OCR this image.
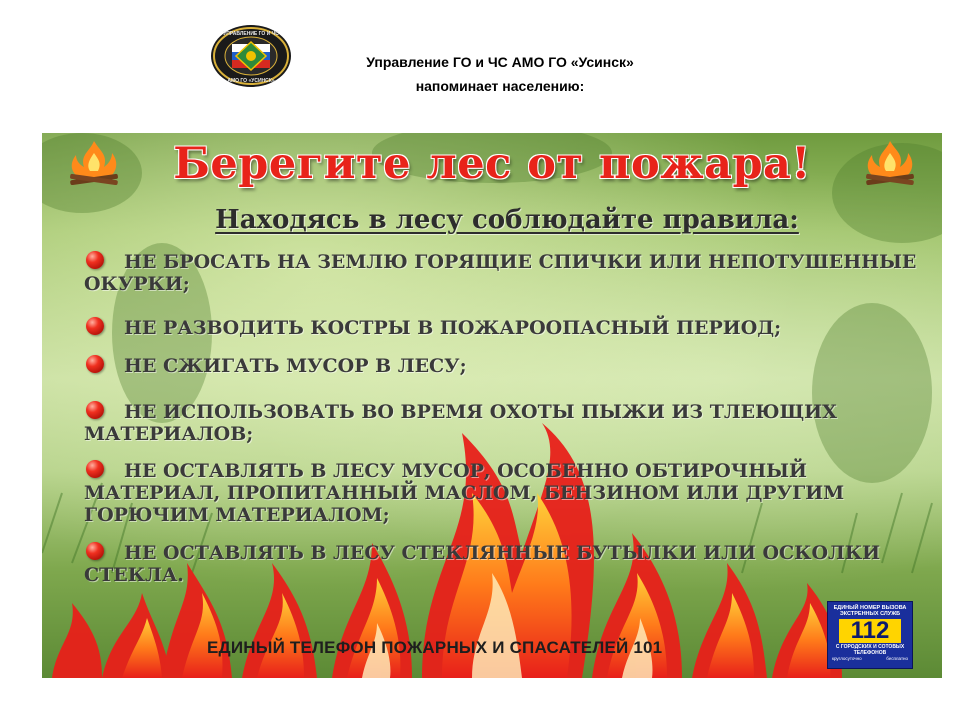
УПРАВЛЕНИЕ ГО И ЧС
АМО ГО «УСИНСК»
Управление ГО и ЧС АМО ГО «Усинск»
напоминает населению:
Берегите лес от пожара!
Находясь в лесу соблюдайте правила:
НЕ БРОСАТЬ НА ЗЕМЛЮ ГОРЯЩИЕ СПИЧКИ ИЛИ НЕПОТУШЕННЫЕ ОКУРКИ;
НЕ РАЗВОДИТЬ КОСТРЫ В ПОЖАРООПАСНЫЙ ПЕРИОД;
НЕ СЖИГАТЬ МУСОР В ЛЕСУ;
НЕ ИСПОЛЬЗОВАТЬ ВО ВРЕМЯ ОХОТЫ ПЫЖИ ИЗ ТЛЕЮЩИХ МАТЕРИАЛОВ;
НЕ ОСТАВЛЯТЬ В ЛЕСУ МУСОР, ОСОБЕННО ОБТИРОЧНЫЙ МАТЕРИАЛ, ПРОПИТАННЫЙ МАСЛОМ, БЕНЗИНОМ ИЛИ ДРУГИМ ГОРЮЧИМ МАТЕРИАЛОМ;
НЕ ОСТАВЛЯТЬ В ЛЕСУ СТЕКЛЯННЫЕ БУТЫЛКИ ИЛИ ОСКОЛКИ СТЕКЛА.
ЕДИНЫЙ ТЕЛЕФОН ПОЖАРНЫХ И СПАСАТЕЛЕЙ 101
ЕДИНЫЙ НОМЕР ВЫЗОВА ЭКСТРЕННЫХ СЛУЖБ
112
С ГОРОДСКИХ И СОТОВЫХ ТЕЛЕФОНОВ
круглосуточно	бесплатно
